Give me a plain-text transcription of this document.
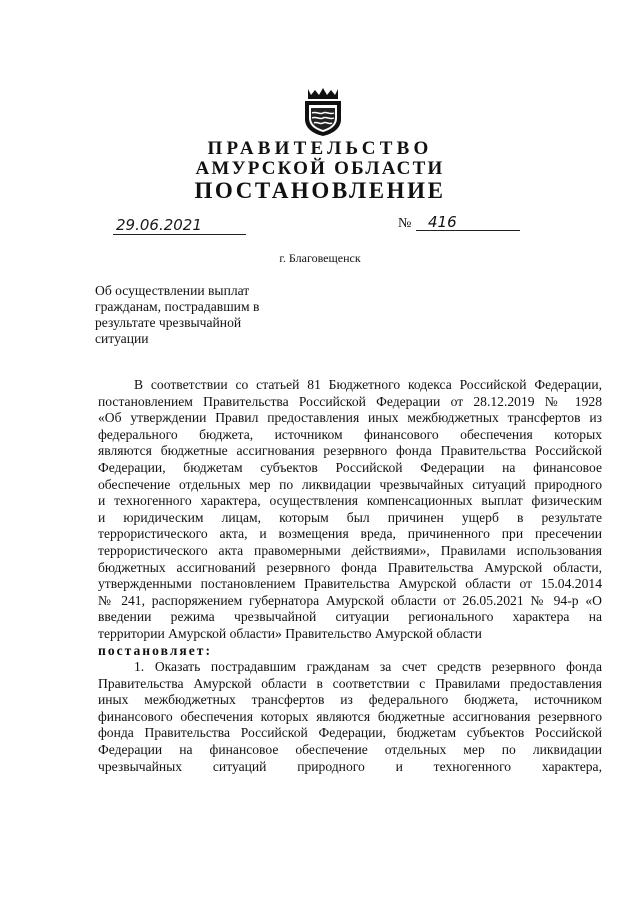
ПРАВИТЕЛЬСТВО
АМУРСКОЙ ОБЛАСТИ
ПОСТАНОВЛЕНИЕ
29.06.2021	№	416
г. Благовещенск
Об осуществлении выплат
гражданам, пострадавшим в
результате чрезвычайной
ситуации
В соответствии со статьей 81 Бюджетного кодекса Российской Федерации,
постановлением Правительства Российской Федерации от 28.12.2019 № 1928
«Об утверждении Правил предоставления иных межбюджетных трансфертов из
федерального бюджета, источником финансового обеспечения которых
являются бюджетные ассигнования резервного фонда Правительства Российской
Федерации, бюджетам субъектов Российской Федерации на финансовое
обеспечение отдельных мер по ликвидации чрезвычайных ситуаций природного
и техногенного характера, осуществления компенсационных выплат физическим
и юридическим лицам, которым был причинен ущерб в результате
террористического акта, и возмещения вреда, причиненного при пресечении
террористического акта правомерными действиями», Правилами использования
бюджетных ассигнований резервного фонда Правительства Амурской области,
утвержденными постановлением Правительства Амурской области от 15.04.2014
№ 241, распоряжением губернатора Амурской области от 26.05.2021 № 94-р «О
введении режима чрезвычайной ситуации регионального характера на
территории Амурской области» Правительство Амурской области
постановляет:
1. Оказать пострадавшим гражданам за счет средств резервного фонда
Правительства Амурской области в соответствии с Правилами предоставления
иных межбюджетных трансфертов из федерального бюджета, источником
финансового обеспечения которых являются бюджетные ассигнования резервного
фонда Правительства Российской Федерации, бюджетам субъектов Российской
Федерации на финансовое обеспечение отдельных мер по ликвидации
чрезвычайных ситуаций природного и техногенного характера,
